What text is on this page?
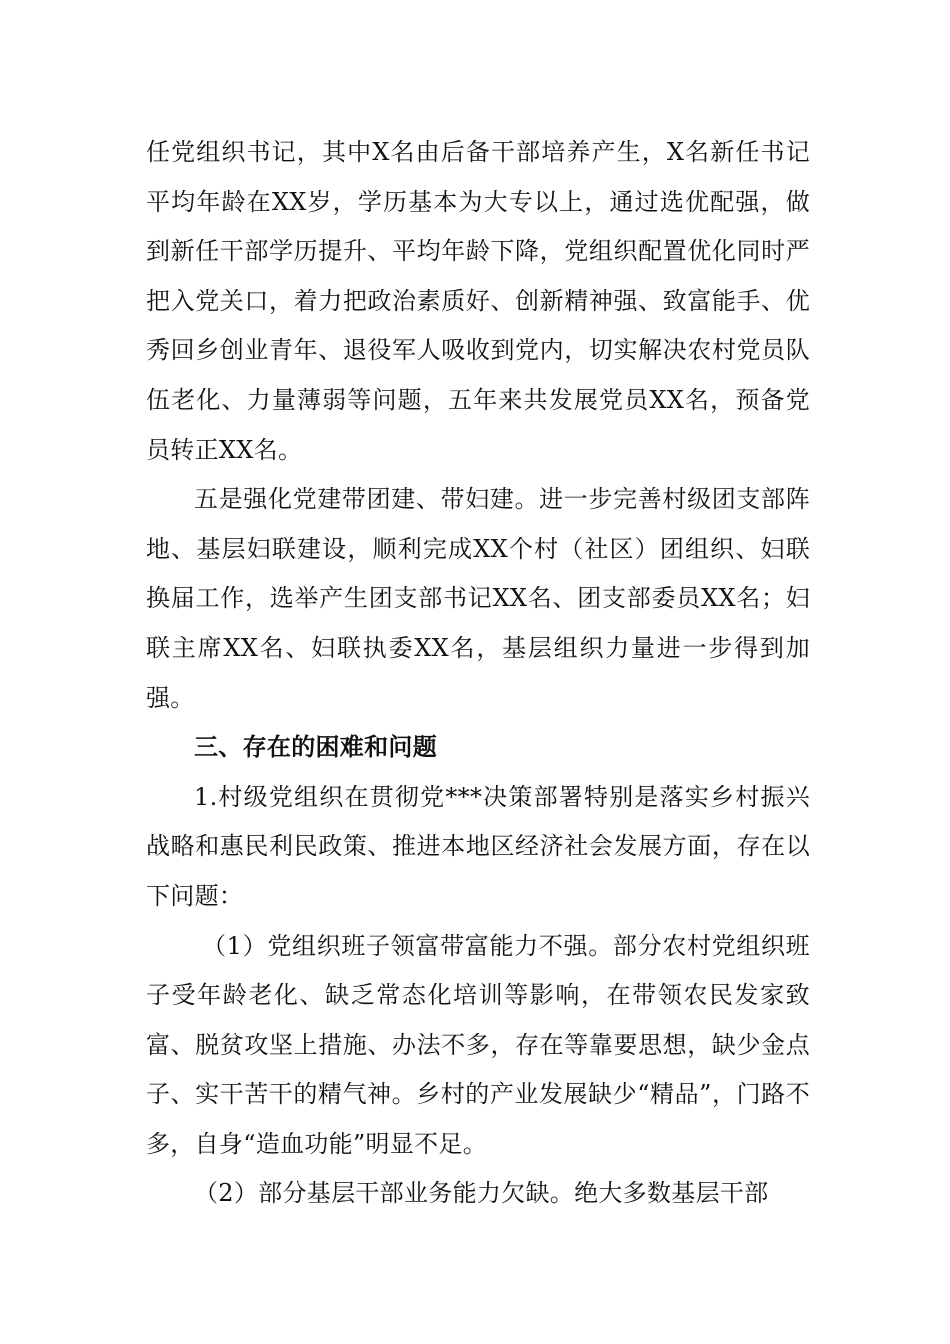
任党组织书记，其中X名由后备干部培养产生，X名新任书记平均年龄在XX岁，学历基本为大专以上，通过选优配强，做到新任干部学历提升、平均年龄下降，党组织配置优化同时严把入党关口，着力把政治素质好、创新精神强、致富能手、优秀回乡创业青年、退役军人吸收到党内，切实解决农村党员队伍老化、力量薄弱等问题，五年来共发展党员XX名，预备党员转正XX名。

五是强化党建带团建、带妇建。进一步完善村级团支部阵地、基层妇联建设，顺利完成XX个村（社区）团组织、妇联换届工作，选举产生团支部书记XX名、团支部委员XX名；妇联主席XX名、妇联执委XX名，基层组织力量进一步得到加强。

三、存在的困难和问题

1.村级党组织在贯彻党***决策部署特别是落实乡村振兴战略和惠民利民政策、推进本地区经济社会发展方面，存在以下问题：

（1）党组织班子领富带富能力不强。部分农村党组织班子受年龄老化、缺乏常态化培训等影响，在带领农民发家致富、脱贫攻坚上措施、办法不多，存在等靠要思想，缺少金点子、实干苦干的精气神。乡村的产业发展缺少“精品”，门路不多，自身“造血功能”明显不足。

（2）部分基层干部业务能力欠缺。绝大多数基层干部
